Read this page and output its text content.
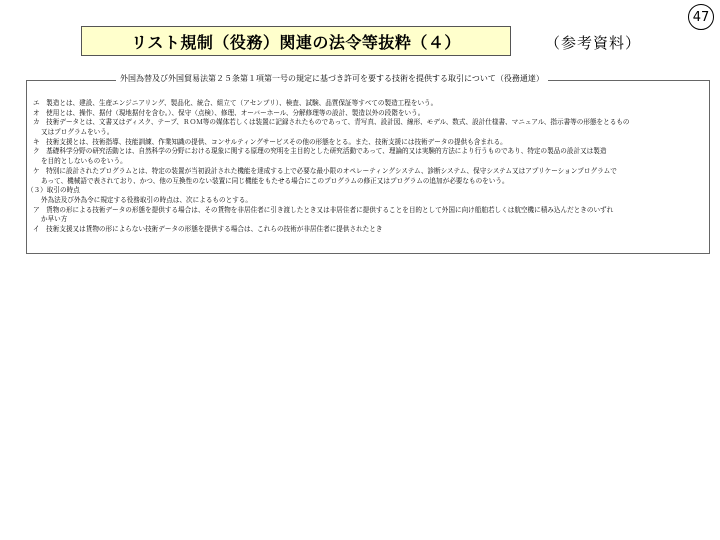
47
リスト規制（役務）関連の法令等抜粋（４）	（参考資料）
外国為替及び外国貿易法第２５条第１項第一号の規定に基づき許可を要する技術を提供する取引について（役務通達）
エ　製造とは、建設、生産エンジニアリング、製品化、統合、組立て（アセンブリ）、検査、試験、品質保証等すべての製造工程をいう。
オ　使用とは、操作、据付（現地据付を含む。）、保守（点検）、修理、オーバーホール、分解修理等の設計、製造以外の段階をいう。
カ　技術データとは、文書又はディスク、テープ、ＲＯＭ等の媒体若しくは装置に記録されたものであって、青写真、設計図、線形、モデル、数式、設計仕様書、マニュアル、指示書等の形態をとるもの
又はプログラムをいう。
キ　技術支援とは、技術指導、技能訓練、作業知識の提供、コンサルティングサービスその他の形態をとる。また、技術支援には技術データの提供も含まれる。
ク　基礎科学分野の研究活動とは、自然科学の分野における現象に関する原理の究明を主目的とした研究活動であって、理論的又は実験的方法により行うものであり、特定の製品の設計又は製造
を目的としないものをいう。
ケ　特別に設計されたプログラムとは、特定の装置が当初設計された機能を達成する上で必要な最小限のオペレーティングシステム、診断システム、保守システム又はアプリケーションプログラムで
あって、機械語で表されており、かつ、他の互換性のない装置に同じ機能をもたせる場合にこのプログラムの修正又はプログラムの追加が必要なものをいう。
（３）取引の時点
外為法及び外為令に規定する役務取引の時点は、次によるものとする。
ア　貨物の形による技術データの形態を提供する場合は、その貨物を非居住者に引き渡したとき又は非居住者に提供することを目的として外国に向け船舶若しくは航空機に積み込んだときのいずれ
か早い方
イ　技術支援又は貨物の形によらない技術データの形態を提供する場合は、これらの技術が非居住者に提供されたとき
